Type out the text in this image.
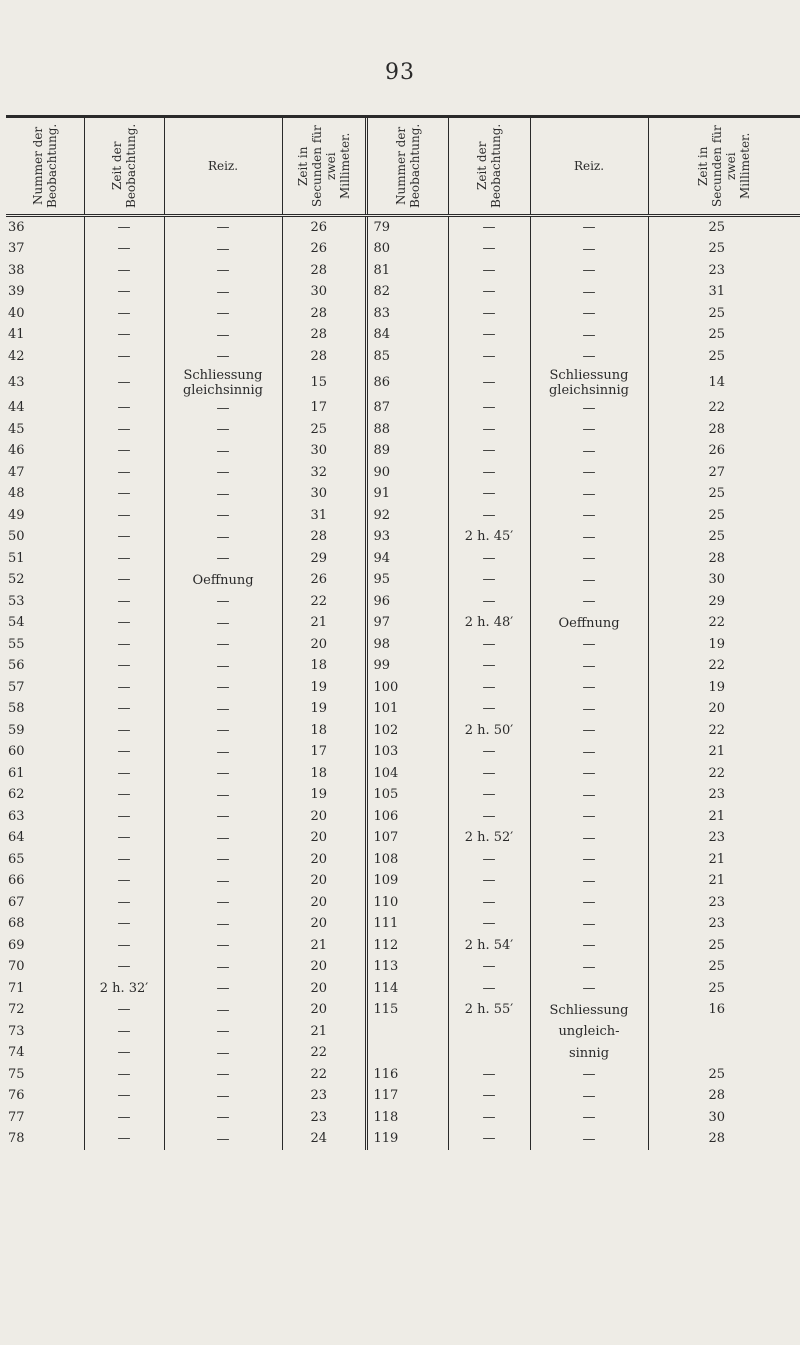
93
Nummer der Beobachtung.	Zeit der Beobachtung.	Reiz.	Zeit in Secunden für zwei Millimeter.	Nummer der Beobachtung.	Zeit der Beobachtung.	Reiz.	Zeit in Secunden für zwei Millimeter.

36	—	—	26	79	—	—	25
37	—	—	26	80	—	—	25
38	—	—	28	81	—	—	23
39	—	—	30	82	—	—	31
40	—	—	28	83	—	—	25
41	—	—	28	84	—	—	25
42	—	—	28	85	—	—	25
43	—	Schliessung gleichsinnig	15	86	—	Schliessung gleichsinnig	14
44	—	—	17	87	—	—	22
45	—	—	25	88	—	—	28
46	—	—	30	89	—	—	26
47	—	—	32	90	—	—	27
48	—	—	30	91	—	—	25
49	—	—	31	92	—	—	25
50	—	—	28	93	2 h. 45′	—	25
51	—	—	29	94	—	—	28
52	—	Oeffnung	26	95	—	—	30
53	—	—	22	96	—	—	29
54	—	—	21	97	2 h. 48′	Oeffnung	22
55	—	—	20	98	—	—	19
56	—	—	18	99	—	—	22
57	—	—	19	100	—	—	19
58	—	—	19	101	—	—	20
59	—	—	18	102	2 h. 50′	—	22
60	—	—	17	103	—	—	21
61	—	—	18	104	—	—	22
62	—	—	19	105	—	—	23
63	—	—	20	106	—	—	21
64	—	—	20	107	2 h. 52′	—	23
65	—	—	20	108	—	—	21
66	—	—	20	109	—	—	21
67	—	—	20	110	—	—	23
68	—	—	20	111	—	—	23
69	—	—	21	112	2 h. 54′	—	25
70	—	—	20	113	—	—	25
71	2 h. 32′	—	20	114	—	—	25
72	—	—	20	115	2 h. 55′	Schliessung	16
73	—	—	21			ungleich-	
74	—	—	22			sinnig	
75	—	—	22	116	—	—	25
76	—	—	23	117	—	—	28
77	—	—	23	118	—	—	30
78	—	—	24	119	—	—	28
